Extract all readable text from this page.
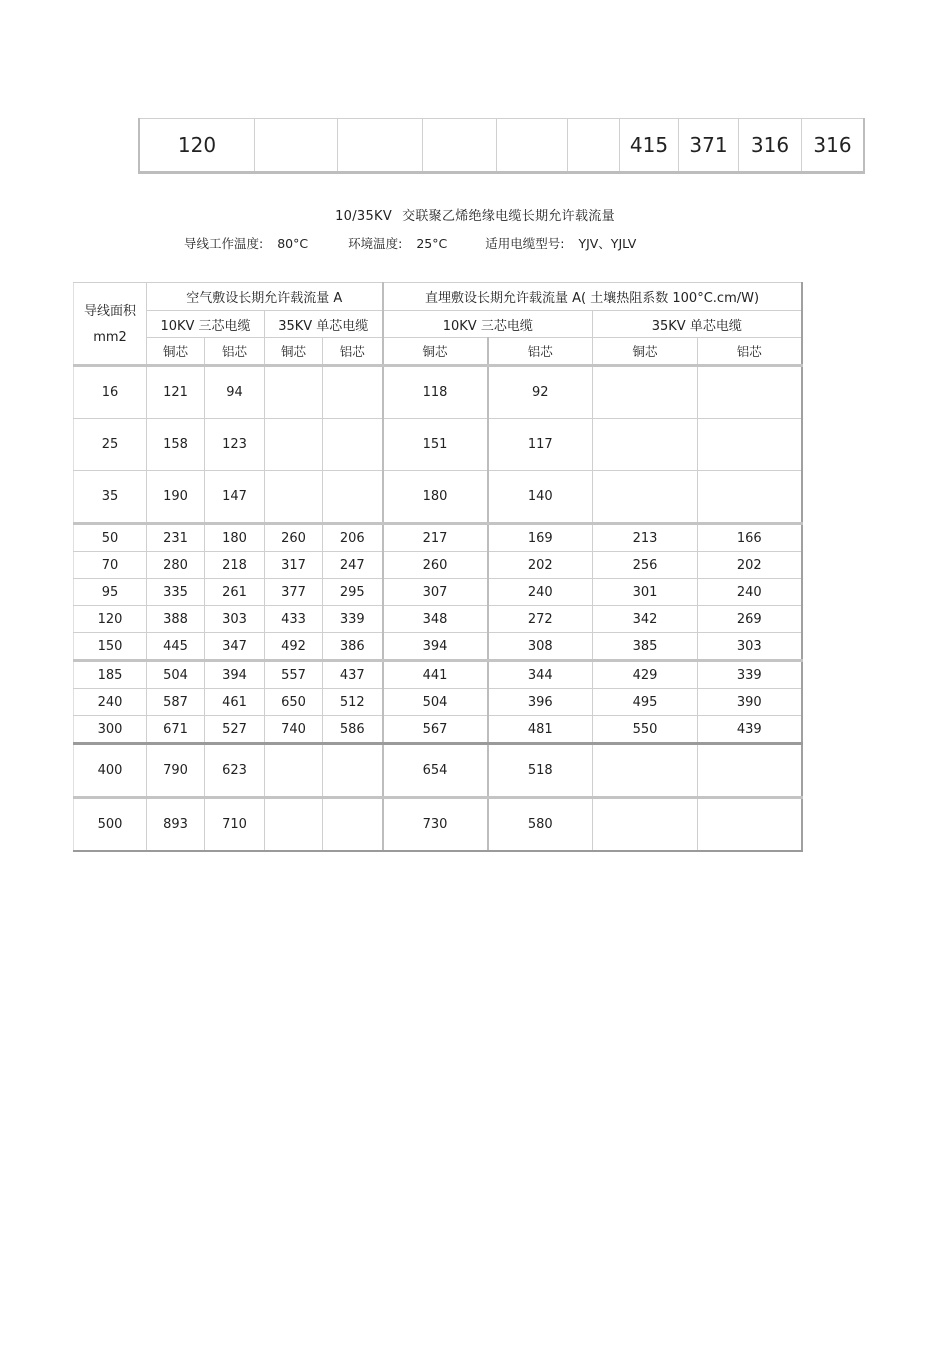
120						415	371	316	316
10/35KV 交联聚乙烯绝缘电缆长期允许载流量
导线工作温度: 80°C	环境温度: 25°C	适用电缆型号: YJV、YJLV
导线面积
mm2	空气敷设长期允许载流量 A				直埋敷设长期允许载流量 A( 土壤热阻系数 100°C.cm/W)			
	10KV 三芯电缆		35KV 单芯电缆		10KV 三芯电缆		35KV 单芯电缆	
	铜芯	铝芯	铜芯	铝芯	铜芯	铝芯	铜芯	铝芯
16	121	94			118	92		
25	158	123			151	117		
35	190	147			180	140		
50	231	180	260	206	217	169	213	166
70	280	218	317	247	260	202	256	202
95	335	261	377	295	307	240	301	240
120	388	303	433	339	348	272	342	269
150	445	347	492	386	394	308	385	303
185	504	394	557	437	441	344	429	339
240	587	461	650	512	504	396	495	390
300	671	527	740	586	567	481	550	439
400	790	623			654	518		
500	893	710			730	580		
